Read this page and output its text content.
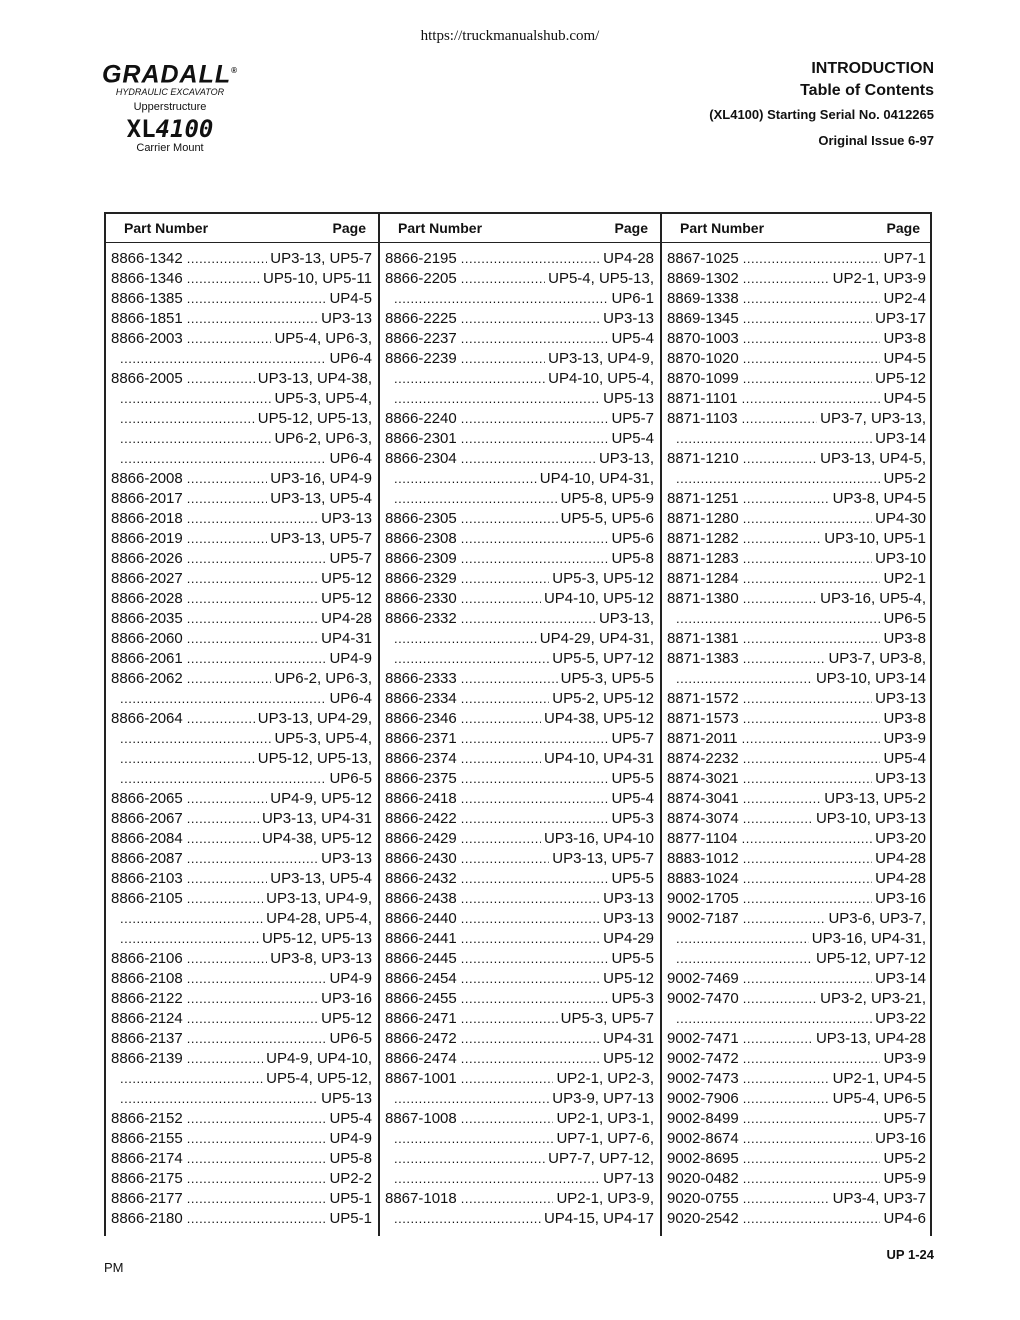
https://truckmanualshub.com/
GRADALL®
HYDRAULIC EXCAVATOR
Upperstructure
XL4100
Carrier Mount
INTRODUCTION
Table of Contents
(XL4100) Starting Serial No. 0412265
Original Issue 6-97
Part Number	Page
8866-1342 .....	UP3-13, UP5-7
8866-1346 .....	UP5-10, UP5-11
8866-1385 .....	UP4-5
8866-1851 .....	UP3-13
8866-2003 .....	UP5-4, UP6-3,
.....
UP6-4
8866-2005 .....	UP3-13, UP4-38,
.....
UP5-3, UP5-4,
.....
UP5-12, UP5-13,
.....
UP6-2, UP6-3,
.....
UP6-4
8866-2008 .....	UP3-16, UP4-9
8866-2017 .....	UP3-13, UP5-4
8866-2018 .....	UP3-13
8866-2019 .....	UP3-13, UP5-7
8866-2026 .....	UP5-7
8866-2027 .....	UP5-12
8866-2028 .....	UP5-12
8866-2035 .....	UP4-28
8866-2060 .....	UP4-31
8866-2061 .....	UP4-9
8866-2062 .....	UP6-2, UP6-3,
.....
UP6-4
8866-2064 .....	UP3-13, UP4-29,
.....
UP5-3, UP5-4,
.....
UP5-12, UP5-13,
.....
UP6-5
8866-2065 .....	UP4-9, UP5-12
8866-2067 .....	UP3-13, UP4-31
8866-2084 .....	UP4-38, UP5-12
8866-2087 .....	UP3-13
8866-2103 .....	UP3-13, UP5-4
8866-2105 .....	UP3-13, UP4-9,
.....
UP4-28, UP5-4,
.....
UP5-12, UP5-13
8866-2106 .....	UP3-8, UP3-13
8866-2108 .....	UP4-9
8866-2122 .....	UP3-16
8866-2124 .....	UP5-12
8866-2137 .....	UP6-5
8866-2139 .....	UP4-9, UP4-10,
.....
UP5-4, UP5-12,
.....
UP5-13
8866-2152 .....	UP5-4
8866-2155 .....	UP4-9
8866-2174 .....	UP5-8
8866-2175 .....	UP2-2
8866-2177 .....	UP5-1
8866-2180 .....	UP5-1
Part Number	Page
8866-2195 .....	UP4-28
8866-2205 .....	UP5-4, UP5-13,
.....
UP6-1
8866-2225 .....	UP3-13
8866-2237 .....	UP5-4
8866-2239 .....	UP3-13, UP4-9,
.....
UP4-10, UP5-4,
.....
UP5-13
8866-2240 .....	UP5-7
8866-2301 .....	UP5-4
8866-2304 .....	UP3-13,
.....
UP4-10, UP4-31,
.....
UP5-8, UP5-9
8866-2305 .....	UP5-5, UP5-6
8866-2308 .....	UP5-6
8866-2309 .....	UP5-8
8866-2329 .....	UP5-3, UP5-12
8866-2330 .....	UP4-10, UP5-12
8866-2332 .....	UP3-13,
.....
UP4-29, UP4-31,
.....
UP5-5, UP7-12
8866-2333 .....	UP5-3, UP5-5
8866-2334 .....	UP5-2, UP5-12
8866-2346 .....	UP4-38, UP5-12
8866-2371 .....	UP5-7
8866-2374 .....	UP4-10, UP4-31
8866-2375 .....	UP5-5
8866-2418 .....	UP5-4
8866-2422 .....	UP5-3
8866-2429 .....	UP3-16, UP4-10
8866-2430 .....	UP3-13, UP5-7
8866-2432 .....	UP5-5
8866-2438 .....	UP3-13
8866-2440 .....	UP3-13
8866-2441 .....	UP4-29
8866-2445 .....	UP5-5
8866-2454 .....	UP5-12
8866-2455 .....	UP5-3
8866-2471 .....	UP5-3, UP5-7
8866-2472 .....	UP4-31
8866-2474 .....	UP5-12
8867-1001 .....	UP2-1, UP2-3,
.....
UP3-9, UP7-13
8867-1008 .....	UP2-1, UP3-1,
.....
UP7-1, UP7-6,
.....
UP7-7, UP7-12,
.....
UP7-13
8867-1018 .....	UP2-1, UP3-9,
.....
UP4-15, UP4-17
Part Number	Page
8867-1025 .....	UP7-1
8869-1302 .....	UP2-1, UP3-9
8869-1338 .....	UP2-4
8869-1345 .....	UP3-17
8870-1003 .....	UP3-8
8870-1020 .....	UP4-5
8870-1099 .....	UP5-12
8871-1101 .....	UP4-5
8871-1103 .....	UP3-7, UP3-13,
.....
UP3-14
8871-1210 .....	UP3-13, UP4-5,
.....
UP5-2
8871-1251 .....	UP3-8, UP4-5
8871-1280 .....	UP4-30
8871-1282 .....	UP3-10, UP5-1
8871-1283 .....	UP3-10
8871-1284 .....	UP2-1
8871-1380 .....	UP3-16, UP5-4,
.....
UP6-5
8871-1381 .....	UP3-8
8871-1383 .....	UP3-7, UP3-8,
.....
UP3-10, UP3-14
8871-1572 .....	UP3-13
8871-1573 .....	UP3-8
8871-2011 .....	UP3-9
8874-2232 .....	UP5-4
8874-3021 .....	UP3-13
8874-3041 .....	UP3-13, UP5-2
8874-3074 .....	UP3-10, UP3-13
8877-1104 .....	UP3-20
8883-1012 .....	UP4-28
8883-1024 .....	UP4-28
9002-1705 .....	UP3-16
9002-7187 .....	UP3-6, UP3-7,
.....
UP3-16, UP4-31,
.....
UP5-12, UP7-12
9002-7469 .....	UP3-14
9002-7470 .....	UP3-2, UP3-21,
.....
UP3-22
9002-7471 .....	UP3-13, UP4-28
9002-7472 .....	UP3-9
9002-7473 .....	UP2-1, UP4-5
9002-7906 .....	UP5-4, UP6-5
9002-8499 .....	UP5-7
9002-8674 .....	UP3-16
9002-8695 .....	UP5-2
9020-0482 .....	UP5-9
9020-0755 .....	UP3-4, UP3-7
9020-2542 .....	UP4-6
UP 1-24
PM
